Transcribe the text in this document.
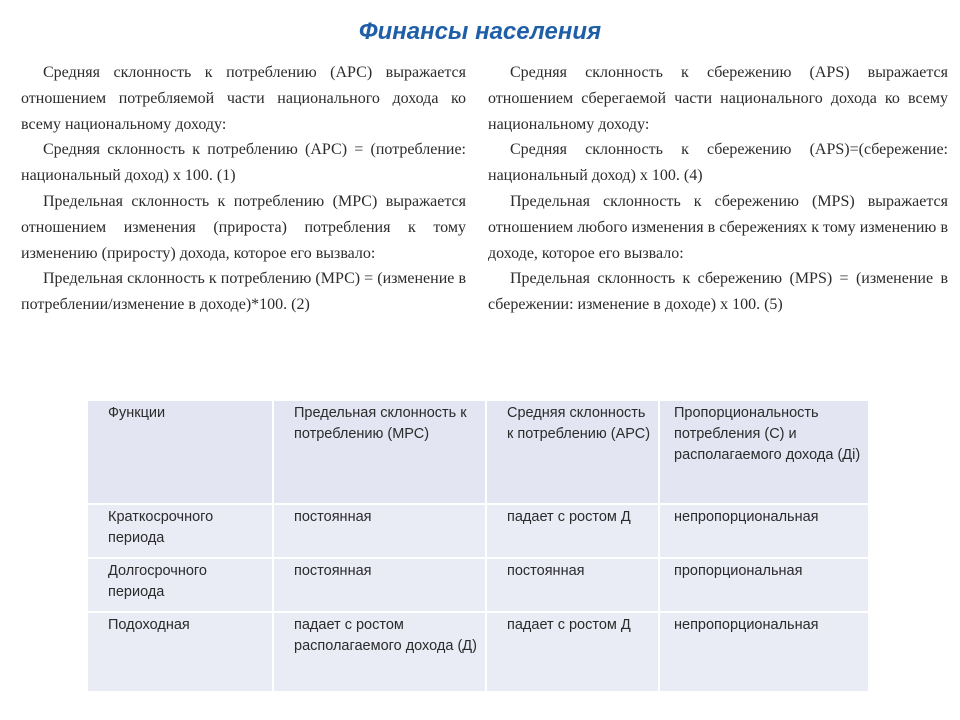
Финансы населения

Средняя склонность к потреблению (АРС) выражается отношением потребляемой части национального дохода ко всему национальному доходу:

Средняя склонность к потреблению (АРС) = (потребление: национальный доход) х 100. (1)

Предельная склонность к потреблению (МРС) выражается отношением изменения (прироста) потребления к тому изменению (приросту) дохода, которое его вызвало:

Предельная склонность к потреблению (МРС) = (изменение в потреблении/изменение в доходе)*100. (2)

Средняя склонность к сбережению (APS) выражается отношением сберегаемой части национального дохода ко всему национальному доходу:

Средняя склонность к сбережению (APS)=(сбережение: национальный доход) х 100. (4)

Предельная склонность к сбережению (MPS) выражается отношением любого изменения в сбережениях к тому изменению в доходе, которое его вызвало:

Предельная склонность к сбережению (MPS) = (изменение в сбережении: изменение в доходе) х 100. (5)

Функции	Предельная склонность к потреблению (МРС)	Средняя склонность к потреблению (АРС)	Пропорциональность потребления (С) и располагаемого дохода (Ді)
Краткосрочного периода	постоянная	падает с ростом Д	непропорциональная
Долгосрочного периода	постоянная	постоянная	пропорциональная
Подоходная	падает с ростом располагаемого дохода (Д)	падает с ростом Д	непропорциональная
